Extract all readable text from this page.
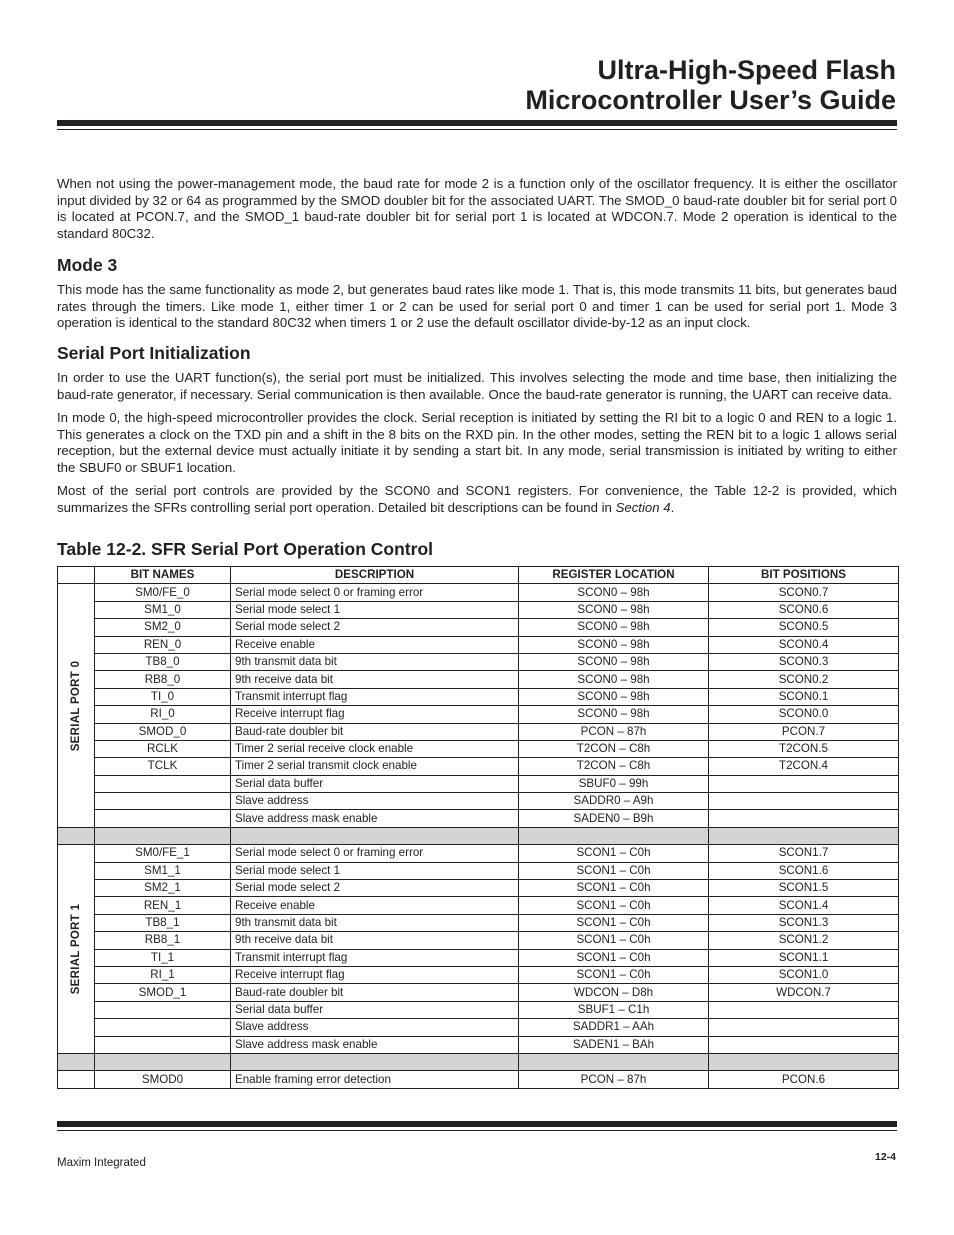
Ultra-High-Speed Flash
Microcontroller User’s Guide

When not using the power-management mode, the baud rate for mode 2 is a function only of the oscillator frequency. It is either the oscillator input divided by 32 or 64 as programmed by the SMOD doubler bit for the associated UART. The SMOD_0 baud-rate doubler bit for serial port 0 is located at PCON.7, and the SMOD_1 baud-rate doubler bit for serial port 1 is located at WDCON.7. Mode 2 operation is identical to the standard 80C32.

Mode 3

This mode has the same functionality as mode 2, but generates baud rates like mode 1. That is, this mode transmits 11 bits, but generates baud rates through the timers. Like mode 1, either timer 1 or 2 can be used for serial port 0 and timer 1 can be used for serial port 1. Mode 3 operation is identical to the standard 80C32 when timers 1 or 2 use the default oscillator divide-by-12 as an input clock.

Serial Port Initialization

In order to use the UART function(s), the serial port must be initialized. This involves selecting the mode and time base, then initializing the baud-rate generator, if necessary. Serial communication is then available. Once the baud-rate generator is running, the UART can receive data.

In mode 0, the high-speed microcontroller provides the clock. Serial reception is initiated by setting the RI bit to a logic 0 and REN to a logic 1. This generates a clock on the TXD pin and a shift in the 8 bits on the RXD pin. In the other modes, setting the REN bit to a logic 1 allows serial reception, but the external device must actually initiate it by sending a start bit. In any mode, serial transmission is initiated by writing to either the SBUF0 or SBUF1 location.

Most of the serial port controls are provided by the SCON0 and SCON1 registers. For convenience, the Table 12-2 is provided, which summarizes the SFRs controlling serial port operation. Detailed bit descriptions can be found in Section 4.

Table 12-2. SFR Serial Port Operation Control
	BIT NAMES	DESCRIPTION	REGISTER LOCATION	BIT POSITIONS

SERIAL PORT 0	SM0/FE_0	Serial mode select 0 or framing error	SCON0 – 98h	SCON0.7
	SM1_0	Serial mode select 1	SCON0 – 98h	SCON0.6
	SM2_0	Serial mode select 2	SCON0 – 98h	SCON0.5
	REN_0	Receive enable	SCON0 – 98h	SCON0.4
	TB8_0	9th transmit data bit	SCON0 – 98h	SCON0.3
	RB8_0	9th receive data bit	SCON0 – 98h	SCON0.2
	TI_0	Transmit interrupt flag	SCON0 – 98h	SCON0.1
	RI_0	Receive interrupt flag	SCON0 – 98h	SCON0.0
	SMOD_0	Baud-rate doubler bit	PCON – 87h	PCON.7
	RCLK	Timer 2 serial receive clock enable	T2CON – C8h	T2CON.5
	TCLK	Timer 2 serial transmit clock enable	T2CON – C8h	T2CON.4
		Serial data buffer	SBUF0 – 99h	
		Slave address	SADDR0 – A9h	
		Slave address mask enable	SADEN0 – B9h	

SERIAL PORT 1	SM0/FE_1	Serial mode select 0 or framing error	SCON1 – C0h	SCON1.7
	SM1_1	Serial mode select 1	SCON1 – C0h	SCON1.6
	SM2_1	Serial mode select 2	SCON1 – C0h	SCON1.5
	REN_1	Receive enable	SCON1 – C0h	SCON1.4
	TB8_1	9th transmit data bit	SCON1 – C0h	SCON1.3
	RB8_1	9th receive data bit	SCON1 – C0h	SCON1.2
	TI_1	Transmit interrupt flag	SCON1 – C0h	SCON1.1
	RI_1	Receive interrupt flag	SCON1 – C0h	SCON1.0
	SMOD_1	Baud-rate doubler bit	WDCON – D8h	WDCON.7
		Serial data buffer	SBUF1 – C1h	
		Slave address	SADDR1 – AAh	
		Slave address mask enable	SADEN1 – BAh	

	SMOD0	Enable framing error detection	PCON – 87h	PCON.6
Maxim Integrated	12-4
